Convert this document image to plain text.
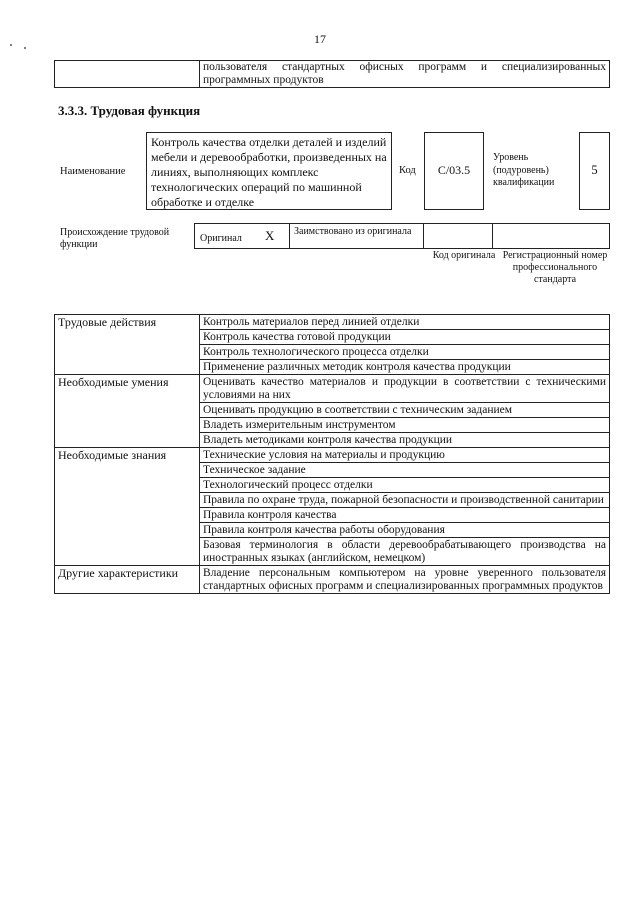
17
	пользователя стандартных офисных программ и специализированных программных продуктов
3.3.3. Трудовая функция
Наименование
Контроль качества отделки деталей и изделий мебели и деревообработки, произведенных на линиях, выполняющих комплекс технологических операций по машинной обработке и отделке
Код	С/03.5
Уровень (подуровень) квалификации
5
Происхождение трудовой функции
Оригинал X	Заимствовано из оригинала		
Код оригинала Регистрационный номер профессионального стандарта
Трудовые действия	Контроль материалов перед линией отделки
	Контроль качества готовой продукции
	Контроль технологического процесса отделки
	Применение различных методик контроля качества продукции
Необходимые умения	Оценивать качество материалов и продукции в соответствии с техническими условиями на них
	Оценивать продукцию в соответствии с техническим заданием
	Владеть измерительным инструментом
	Владеть методиками контроля качества продукции
Необходимые знания	Технические условия на материалы и продукцию
	Техническое задание
	Технологический процесс отделки
	Правила по охране труда, пожарной безопасности и производственной санитарии
	Правила контроля качества
	Правила контроля качества работы оборудования
	Базовая терминология в области деревообрабатывающего производства на иностранных языках (английском, немецком)
Другие характеристики	Владение персональным компьютером на уровне уверенного пользователя стандартных офисных программ и специализированных программных продуктов
